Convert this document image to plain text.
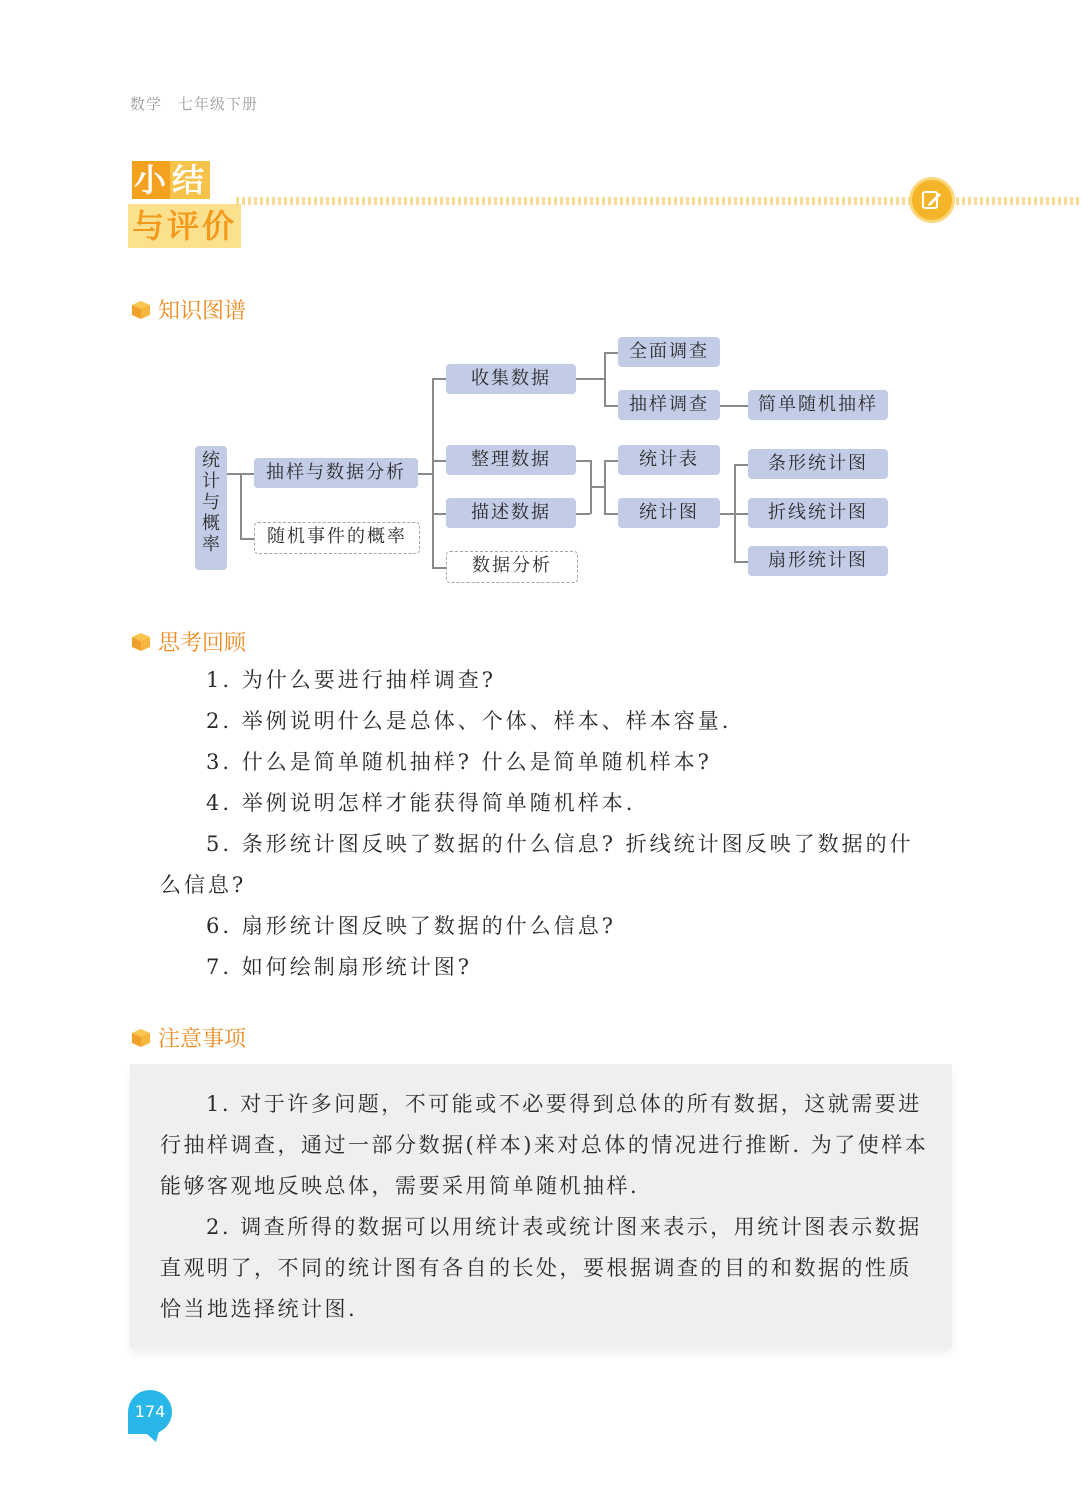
数学　七年级下册
小 结
与评价
知识图谱
统
计
与
概
率
抽样与数据分析
随机事件的概率
收集数据
整理数据
描述数据
数据分析
全面调查
抽样调查	简单随机抽样
统计表
统计图
条形统计图
折线统计图
扇形统计图
思考回顾
1. 为什么要进行抽样调查?
2. 举例说明什么是总体、个体、样本、样本容量.
3. 什么是简单随机抽样? 什么是简单随机样本?
4. 举例说明怎样才能获得简单随机样本.
5. 条形统计图反映了数据的什么信息? 折线统计图反映了数据的什
么信息?
6. 扇形统计图反映了数据的什么信息?
7. 如何绘制扇形统计图?
注意事项

1. 对于许多问题，不可能或不必要得到总体的所有数据，这就需要进行抽样调查，通过一部分数据(样本)来对总体的情况进行推断. 为了使样本能够客观地反映总体，需要采用简单随机抽样.

2. 调查所得的数据可以用统计表或统计图来表示，用统计图表示数据直观明了，不同的统计图有各自的长处，要根据调查的目的和数据的性质恰当地选择统计图.

174
